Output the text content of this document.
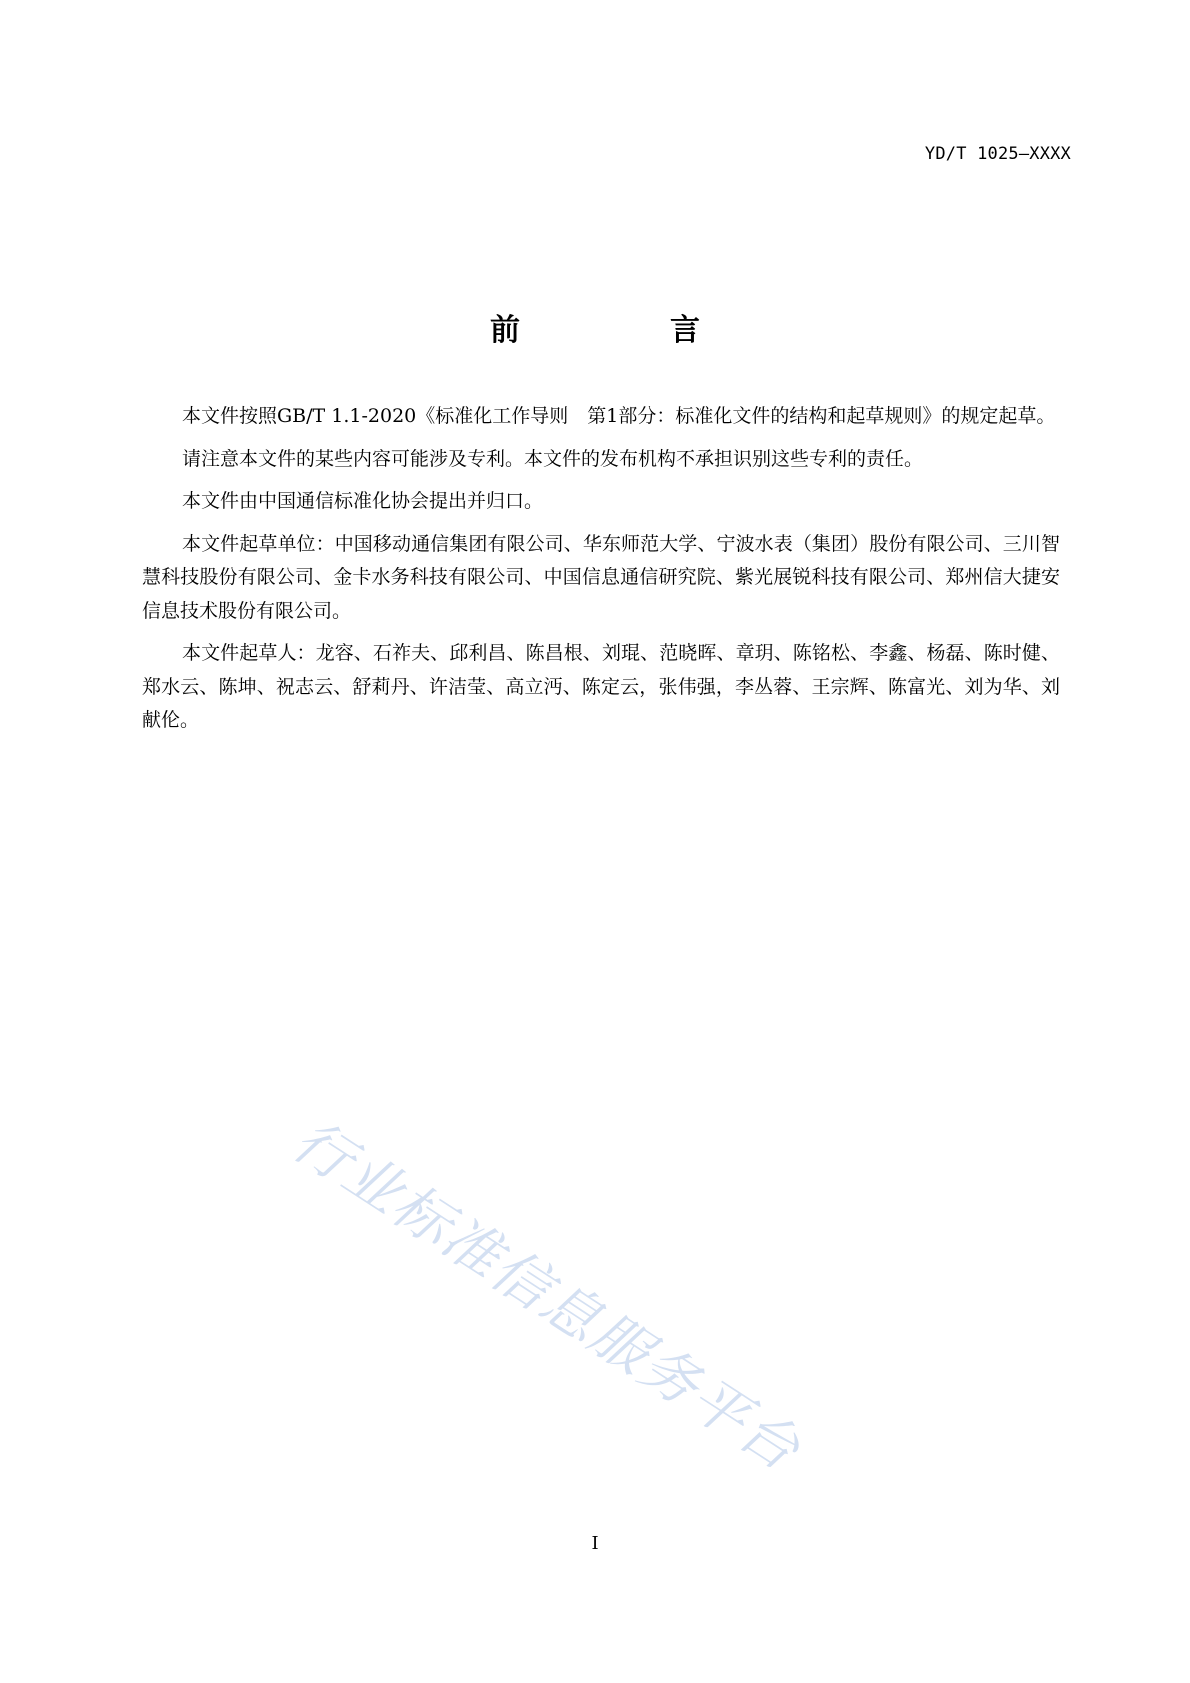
YD/T 1025—XXXX
前　言

本文件按照GB/T 1.1-2020《标准化工作导则　第1部分：标准化文件的结构和起草规则》的规定起草。

请注意本文件的某些内容可能涉及专利。本文件的发布机构不承担识别这些专利的责任。

本文件由中国通信标准化协会提出并归口。

本文件起草单位：中国移动通信集团有限公司、华东师范大学、宁波水表（集团）股份有限公司、三川智慧科技股份有限公司、金卡水务科技有限公司、中国信息通信研究院、紫光展锐科技有限公司、郑州信大捷安信息技术股份有限公司。

本文件起草人：龙容、石祚夫、邱利昌、陈昌根、刘琨、范晓晖、章玥、陈铭松、李鑫、杨磊、陈时健、郑水云、陈坤、祝志云、舒莉丹、许洁莹、高立沔、陈定云，张伟强，李丛蓉、王宗辉、陈富光、刘为华、刘献伦。

行业标准信息服务平台
I
